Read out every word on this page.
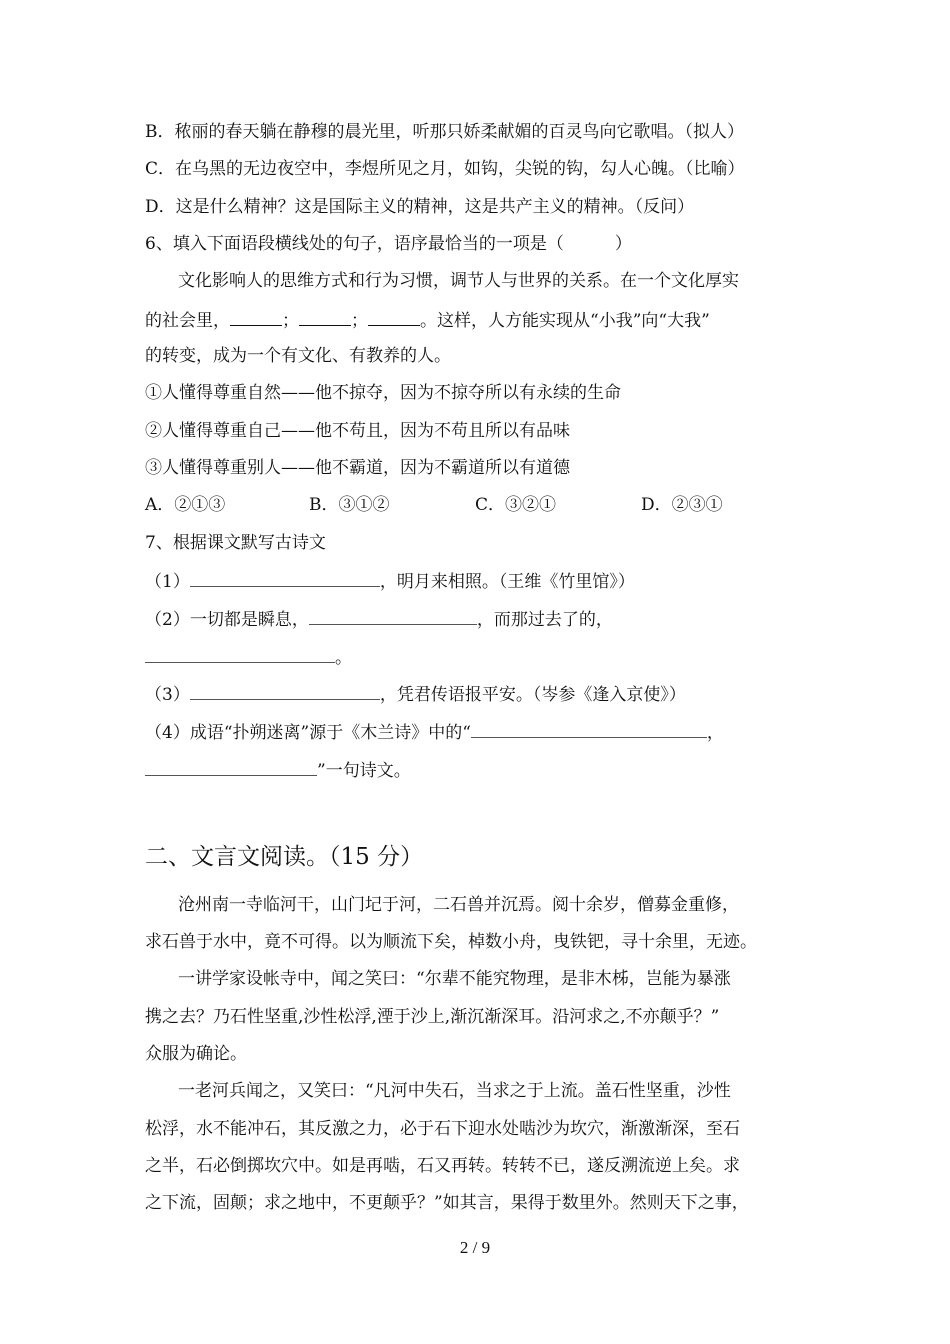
B．秾丽的春天躺在静穆的晨光里，听那只娇柔献媚的百灵鸟向它歌唱。（拟人）
C．在乌黑的无边夜空中，李煜所见之月，如钩，尖锐的钩，勾人心魄。（比喻）
D．这是什么精神？这是国际主义的精神，这是共产主义的精神。（反问）
6、填入下面语段横线处的句子，语序最恰当的一项是（　　　）
文化影响人的思维方式和行为习惯，调节人与世界的关系。在一个文化厚实
的社会里，	；	；	。这样，人方能实现从“小我”向“大我”
的转变，成为一个有文化、有教养的人。
①人懂得尊重自然——他不掠夺，因为不掠夺所以有永续的生命
②人懂得尊重自己——他不苟且，因为不苟且所以有品味
③人懂得尊重别人——他不霸道，因为不霸道所以有道德
A．②①③	B．③①②	C．③②①	D．②③①
7、根据课文默写古诗文
（1）	，明月来相照。（王维《竹里馆》）
（2）一切都是瞬息，	，而那过去了的，
。
（3）	，凭君传语报平安。（岑参《逢入京使》）
（4）成语“扑朔迷离”源于《木兰诗》中的“	，
”一句诗文。
二、文言文阅读。（15 分）
沧州南一寺临河干，山门圮于河，二石兽并沉焉。阅十余岁，僧募金重修，
求石兽于水中，竟不可得。以为顺流下矣，棹数小舟，曳铁钯，寻十余里，无迹。
一讲学家设帐寺中，闻之笑曰：“尔辈不能究物理，是非木柹，岂能为暴涨
携之去？乃石性坚重,沙性松浮,湮于沙上,渐沉渐深耳。沿河求之,不亦颠乎？”
众服为确论。
一老河兵闻之，又笑曰：“凡河中失石，当求之于上流。盖石性坚重，沙性
松浮，水不能冲石，其反激之力，必于石下迎水处啮沙为坎穴，渐激渐深，至石
之半，石必倒掷坎穴中。如是再啮，石又再转。转转不已，遂反溯流逆上矣。求
之下流，固颠；求之地中，不更颠乎？”如其言，果得于数里外。然则天下之事，
2 / 9
